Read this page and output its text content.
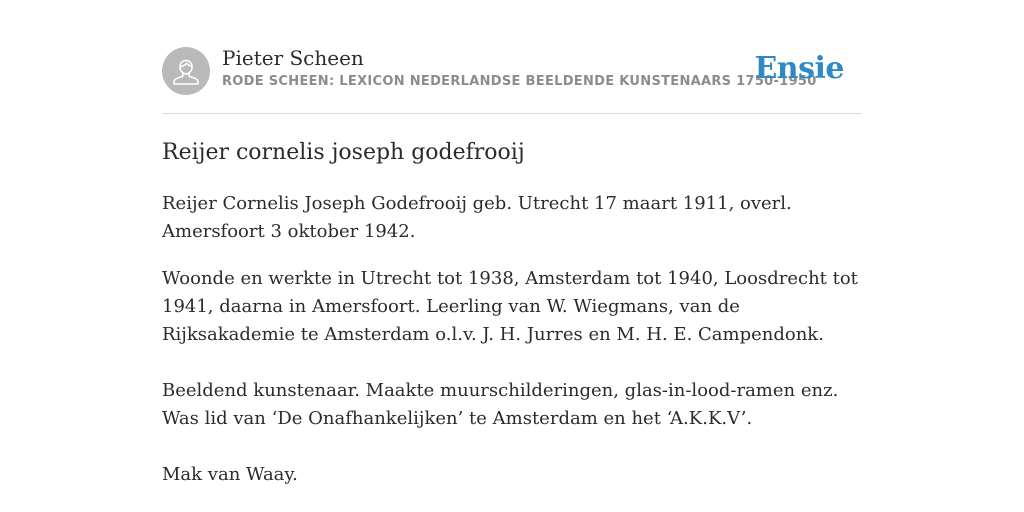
Pieter Scheen
RODE SCHEEN: LEXICON NEDERLANDSE BEELDENDE KUNSTENAARS 1750-1950
Ensie
Reijer cornelis joseph godefrooij

Reijer Cornelis Joseph Godefrooij geb. Utrecht 17 maart 1911, overl. Amersfoort 3 oktober 1942.

Woonde en werkte in Utrecht tot 1938, Amsterdam tot 1940, Loosdrecht tot 1941, daarna in Amersfoort. Leerling van W. Wiegmans, van de Rijksakademie te Amsterdam o.l.v. J. H. Jurres en M. H. E. Campendonk.

Beeldend kunstenaar. Maakte muurschilderingen, glas-in-lood-ramen enz. Was lid van ‘De Onafhankelijken’ te Amsterdam en het ‘A.K.K.V’.

Mak van Waay.
